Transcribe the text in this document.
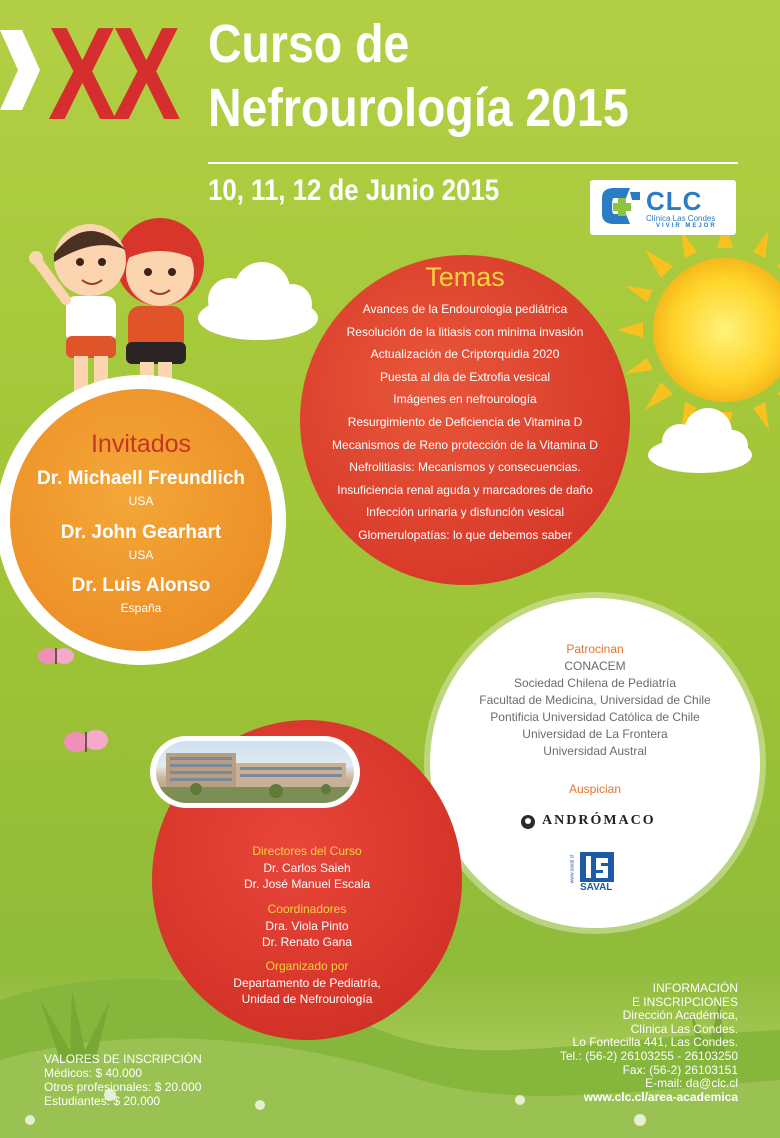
XX Curso de
Nefrourología 2015
10, 11, 12 de Junio 2015	CLC
Clínica Las Condes
VIVIR MEJOR
Temas
Avances de la Endourologia pediátrica
Resolución de la litiasis con minima invasión
Actualización de Criptorquidia 2020
Puesta al dia de Extrofia vesical
Imágenes en nefrourología
Resurgimiento de Deficiencia de Vitamina D
Mecanismos de Reno protección de la Vitamina D
Nefrolitiasis: Mecanismos y consecuencias.
Insuficiencia renal aguda y marcadores de daño
Infección urinaria y disfunción vesical
Glomerulopatías: lo que debemos saber
Invitados
Dr. Michaell Freundlich
USA
Dr. John Gearhart
USA
Dr. Luis Alonso
España
Patrocinan
CONACEM
Sociedad Chilena de Pediatría
Facultad de Medicina, Universidad de Chile
Pontificia Universidad Católica de Chile
Universidad de La Frontera
Universidad Austral
Auspician
ANDRÓMACO
SAVAL
www.saval.cl
Directores del Curso
Dr. Carlos Saieh
Dr. José Manuel Escala
Coordinadores
Dra. Viola Pinto
Dr. Renato Gana
Organizado por
Departamento de Pediatría,
Unidad de Nefrourología
VALORES DE INSCRIPCIÓN
Médicos: $ 40.000
Otros profesionales: $ 20.000
Estudiantes: $ 20.000
INFORMACIÓN
E INSCRIPCIONES
Dirección Académica,
Clínica Las Condes.
Lo Fontecilla 441, Las Condes.
Tel.: (56-2) 26103255 - 26103250
Fax: (56-2) 26103151
E-mail: da@clc.cl
www.clc.cl/area-academica
